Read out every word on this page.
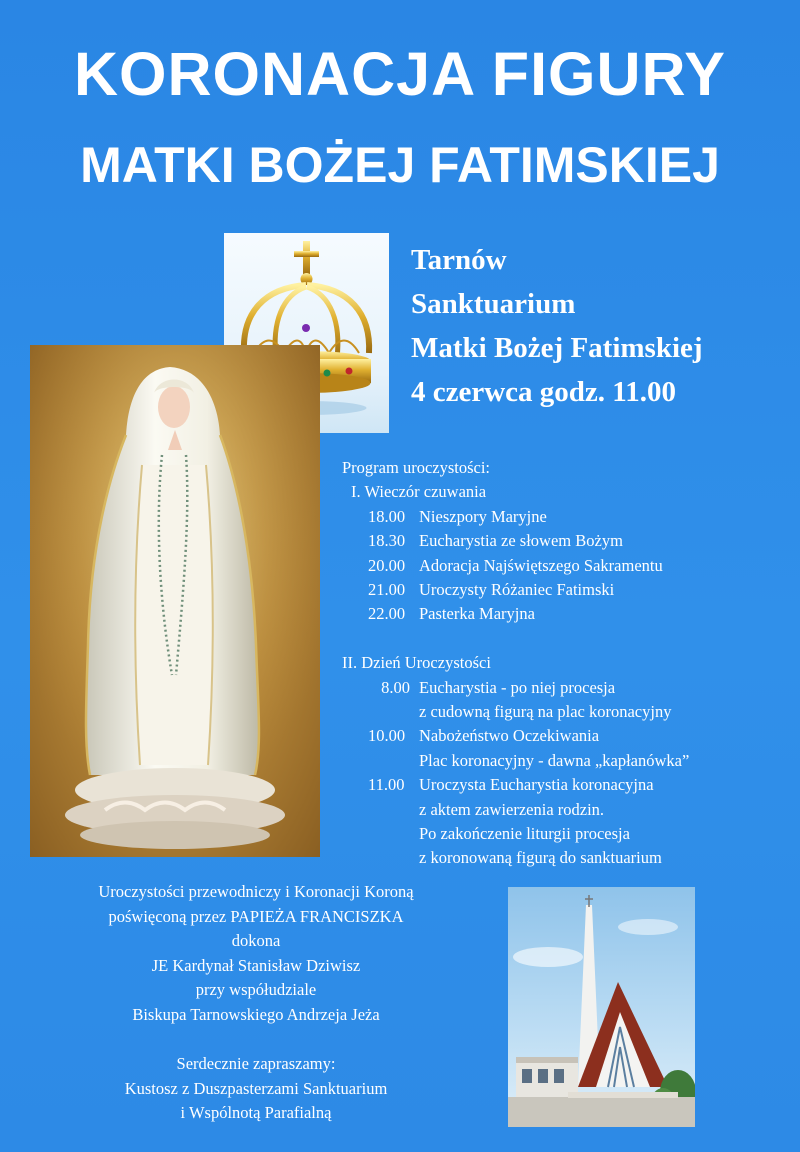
KORONACJA FIGURY
MATKI BOŻEJ FATIMSKIEJ
Tarnów
Sanktuarium
Matki Bożej Fatimskiej
4 czerwca godz. 11.00
Program uroczystości:
I. Wieczór czuwania
18.00 Nieszpory Maryjne
18.30 Eucharystia ze słowem Bożym
20.00 Adoracja Najświętszego Sakramentu
21.00 Uroczysty Różaniec Fatimski
22.00 Pasterka Maryjna
II. Dzień Uroczystości
8.00 Eucharystia - po niej procesja
z cudowną figurą na plac koronacyjny
10.00 Nabożeństwo Oczekiwania
Plac koronacyjny - dawna „kapłanówka”
11.00 Uroczysta Eucharystia koronacyjna
z aktem zawierzenia rodzin.
Po zakończenie liturgii procesja
z koronowaną figurą do sanktuarium
Uroczystości przewodniczy i Koronacji Koroną
poświęconą przez PAPIEŻA FRANCISZKA
dokona
JE Kardynał Stanisław Dziwisz
przy współudziale
Biskupa Tarnowskiego Andrzeja Jeża
Serdecznie zapraszamy:
Kustosz z Duszpasterzami Sanktuarium
i Wspólnotą Parafialną
